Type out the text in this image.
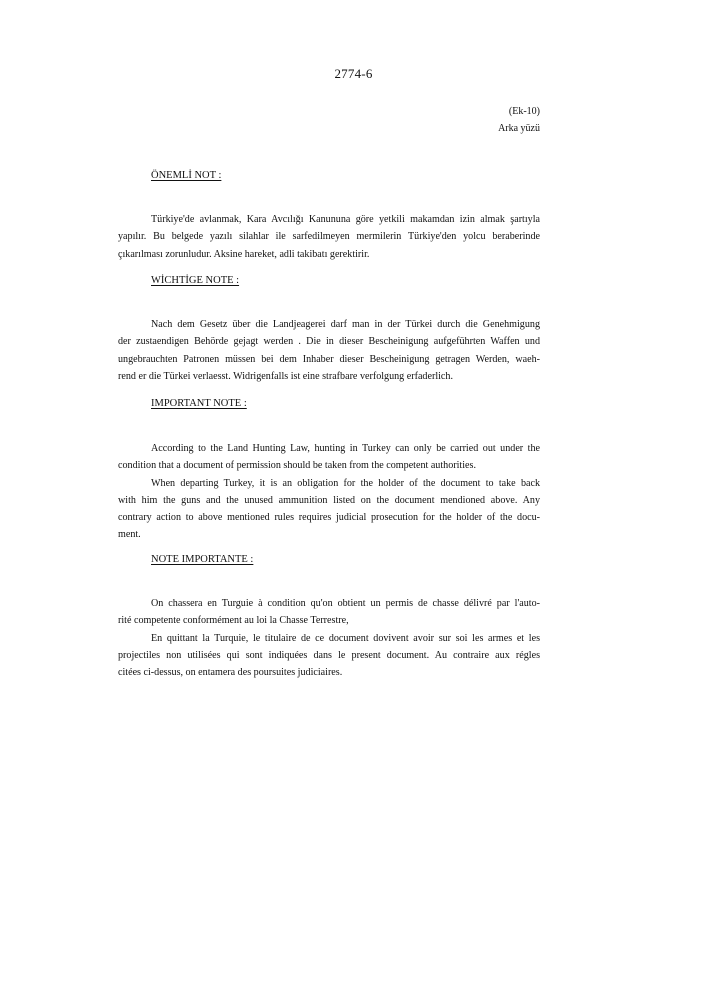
2774-6
(Ek-10)
Arka yüzü

ÖNEMLİ NOT :

Türkiye'de avlanmak, Kara Avcılığı Kanununa göre yetkili makamdan izin almak şartıyla
yapılır. Bu belgede yazılı silahlar ile sarfedilmeyen mermilerin Türkiye'den yolcu beraberinde
çıkarılması zorunludur. Aksine hareket, adli takibatı gerektirir.

WİCHTİGE NOTE :

Nach dem Gesetz über die Landjeagerei darf man in der Türkei durch die Genehmigung
der zustaendigen Behörde gejagt werden . Die in dieser Bescheinigung aufgeführten Waffen und
ungebrauchten Patronen müssen bei dem Inhaber dieser Bescheinigung getragen Werden, waeh-
rend er die Türkei verlaesst. Widrigenfalls ist eine strafbare verfolgung erfaderlich.

IMPORTANT NOTE :

According to the Land Hunting Law, hunting in Turkey can only be carried out under the
condition that a document of permission should be taken from the competent authorities.
When departing Turkey, it is an obligation for the holder of the document to take back
with him the guns and the unused ammunition listed on the document mendioned above. Any
contrary action to above mentioned rules requires judicial prosecution for the holder of the docu-
ment.

NOTE IMPORTANTE :

On chassera en Turguie à condition qu'on obtient un permis de chasse délivré par l'auto-
rité competente conformément au loi la Chasse Terrestre,
En quittant la Turquie, le titulaire de ce document dovivent avoir sur soi les armes et les
projectiles non utilisées qui sont indiquées dans le present document. Au contraire aux régles
citées ci-dessus, on entamera des poursuites judiciaires.
